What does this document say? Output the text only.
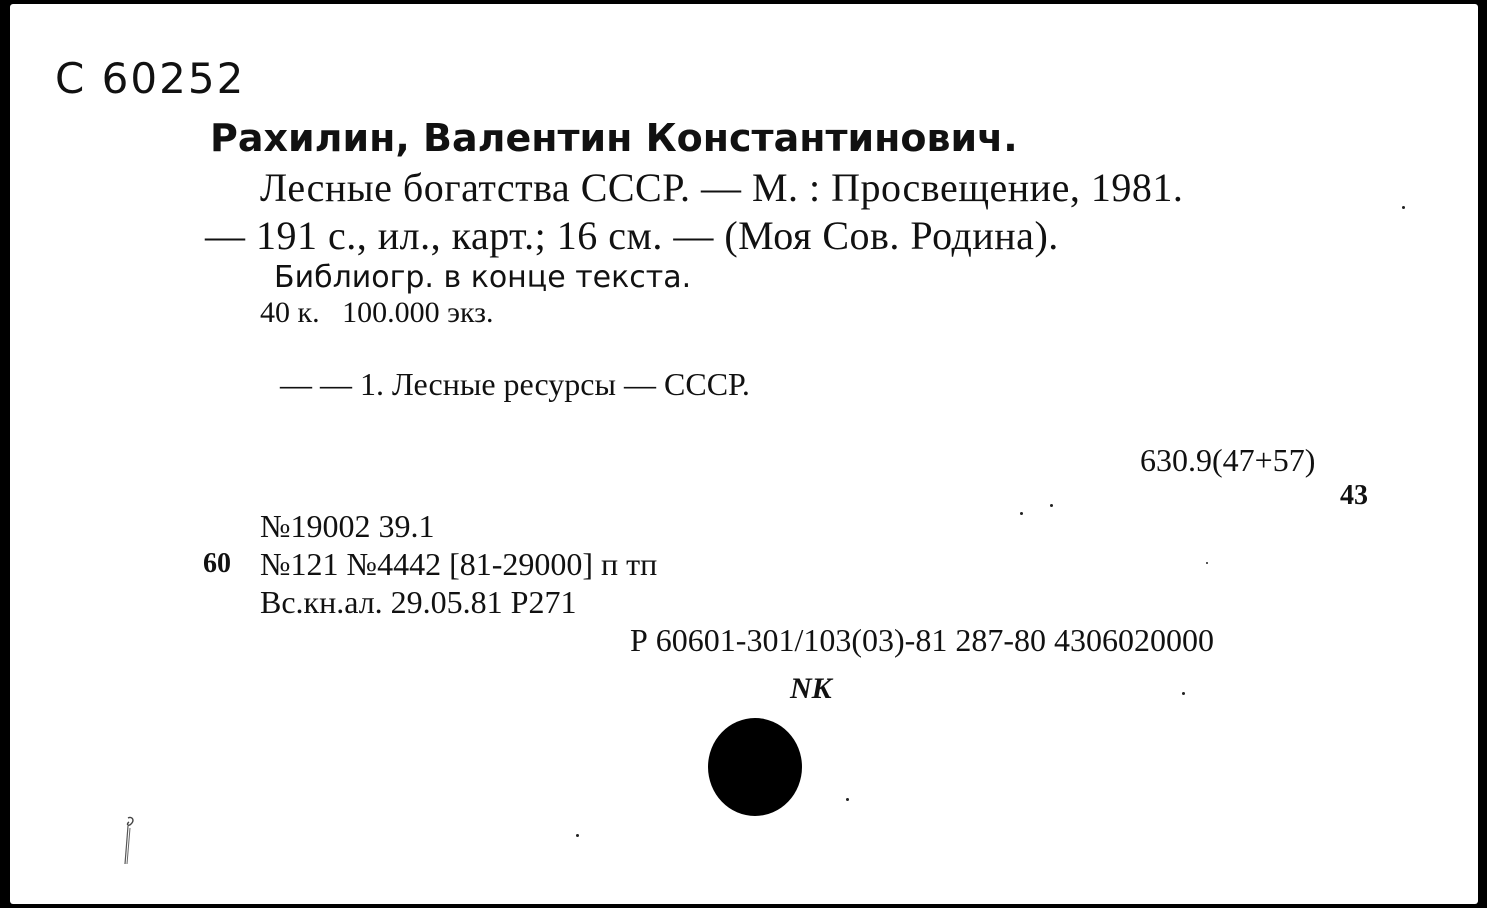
С 60252

Рахилин, Валентин Константинович.

Лесные богатства СССР. — М. : Просвещение, 1981.

— 191 с., ил., карт.; 16 см. — (Моя Сов. Родина).

Библиогр. в конце текста.

40 к.   100.000 экз.

— — 1. Лесные ресурсы — СССР.

630.9(47+57)

43

№19002 39.1

60 №121 №4442 [81-29000] п тп

Вс.кн.ал. 29.05.81 Р271

Р 60601-301/103(03)-81 287-80 4306020000

NK
